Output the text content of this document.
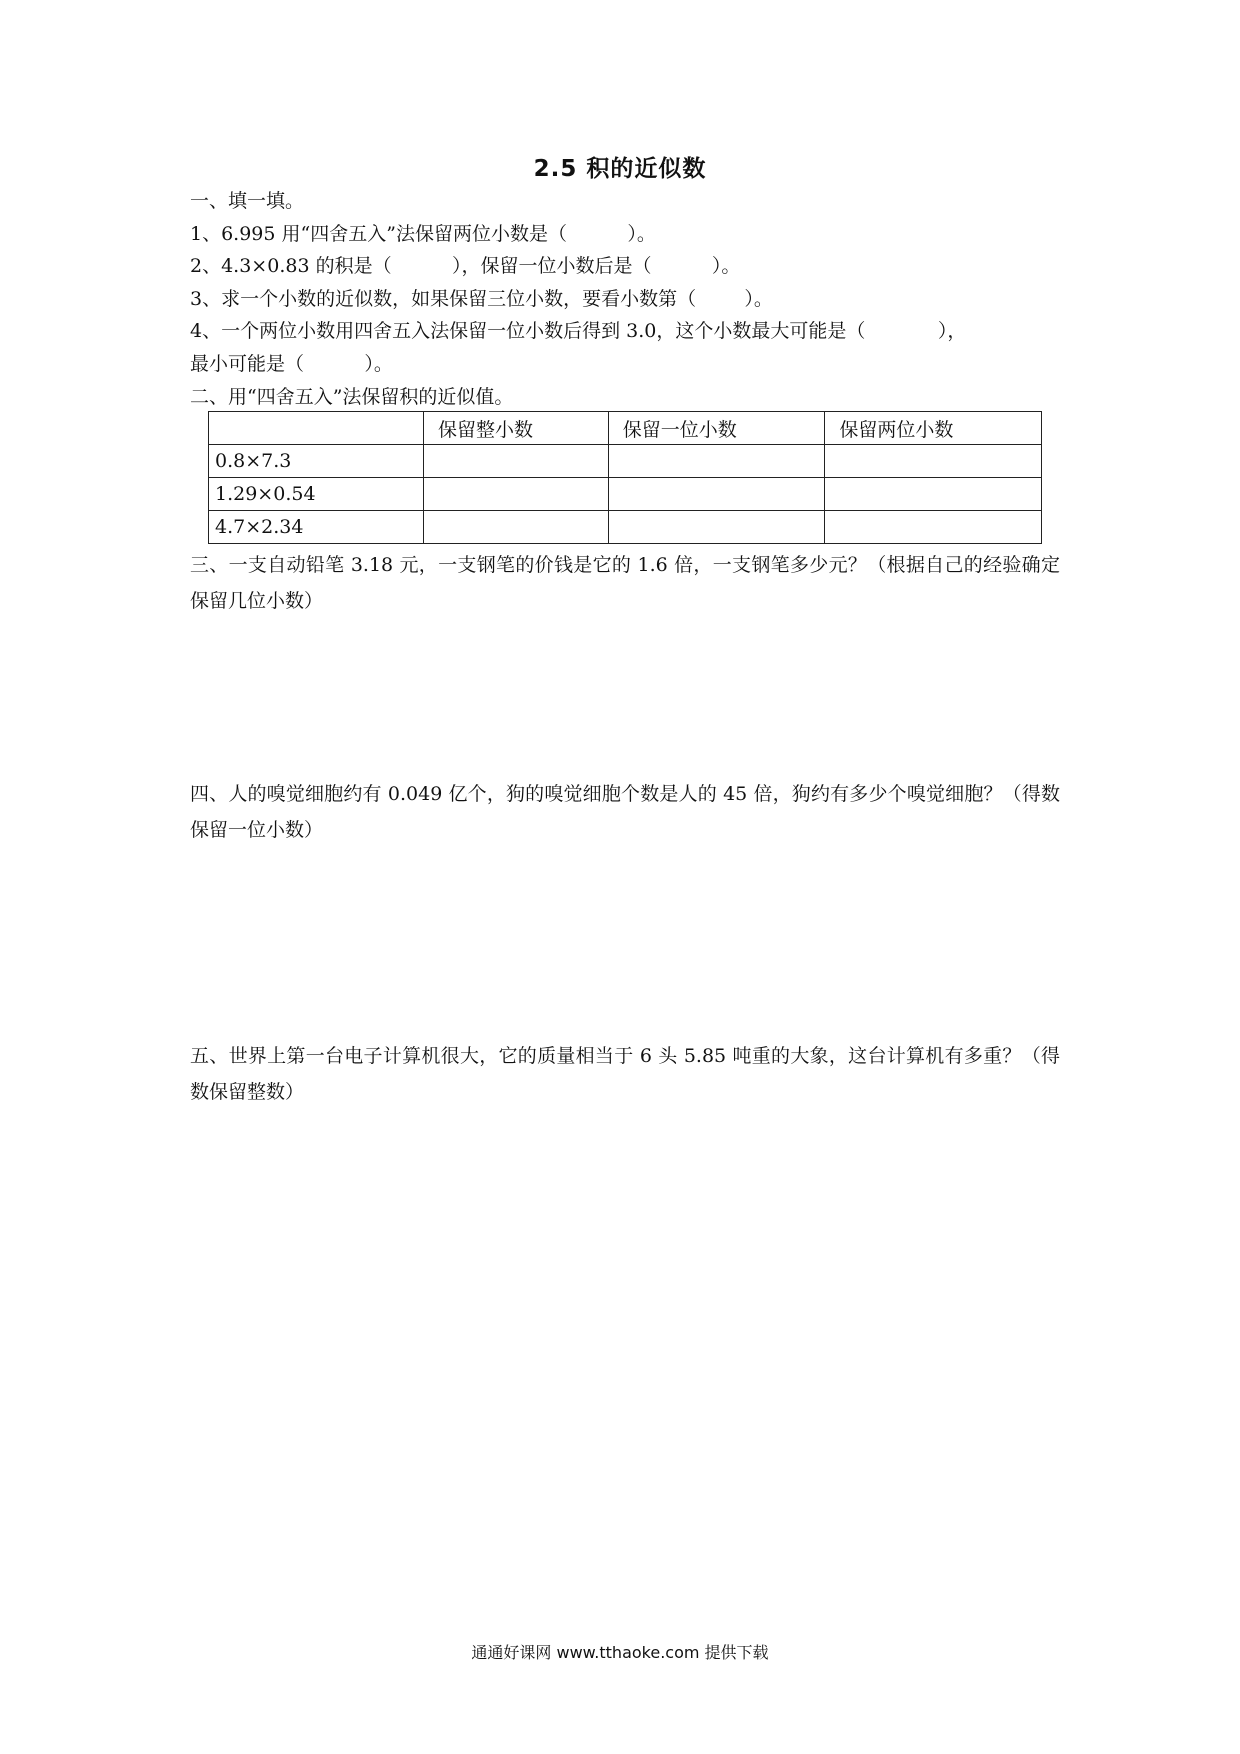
2.5 积的近似数
一、填一填。
1、6.995 用“四舍五入”法保留两位小数是（          ）。
2、4.3×0.83 的积是（          ），保留一位小数后是（          ）。
3、求一个小数的近似数，如果保留三位小数，要看小数第（        ）。
4、一个两位小数用四舍五入法保留一位小数后得到 3.0，这个小数最大可能是（            ），
最小可能是（          ）。
二、用“四舍五入”法保留积的近似值。
	保留整小数	保留一位小数	保留两位小数
0.8×7.3			
1.29×0.54			
4.7×2.34			
三、一支自动铅笔 3.18 元，一支钢笔的价钱是它的 1.6 倍，一支钢笔多少元？（根据自己的经验确定保留几位小数）
四、人的嗅觉细胞约有 0.049 亿个，狗的嗅觉细胞个数是人的 45 倍，狗约有多少个嗅觉细胞？（得数保留一位小数）
五、世界上第一台电子计算机很大，它的质量相当于 6 头 5.85 吨重的大象，这台计算机有多重？（得数保留整数）
通通好课网 www.tthaoke.com 提供下载
